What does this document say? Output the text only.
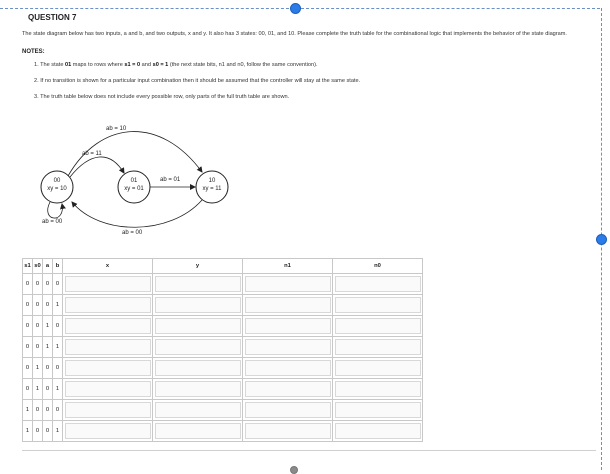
QUESTION 7
The state diagram below has two inputs, a and b, and two outputs, x and y. It also has 3 states: 00, 01, and 10. Please complete the truth table for the combinational logic that implements the behavior of the state diagram.
NOTES:
1. The state 01 maps to rows where s1 = 0 and s0 = 1 (the next state bits, n1 and n0, follow the same convention).
2. If no transition is shown for a particular input combination then it should be assumed that the controller will stay at the same state.
3. The truth table below does not include every possible row, only parts of the full truth table are shown.
00
xy = 10
01
xy = 01
10
xy = 11
ab = 10
ab = 11
ab = 01
ab = 00
ab = 00
s1	s0	a	b	x	y	n1	n0
0	0	0	0	

0	0	0	1	

0	0	1	0	

0	0	1	1	

0	1	0	0	

0	1	0	1	

1	0	0	0	

1	0	0	1	
